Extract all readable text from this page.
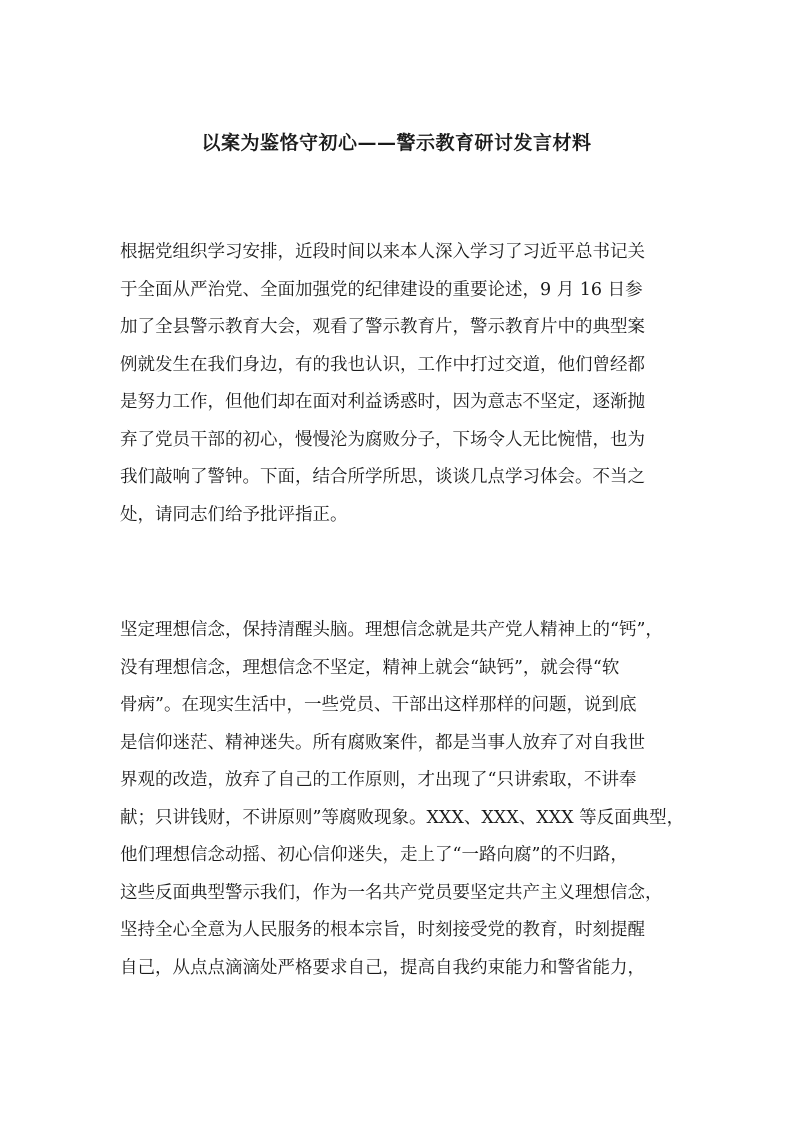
以案为鉴恪守初心——警示教育研讨发言材料
根据党组织学习安排，近段时间以来本人深入学习了习近平总书记关
于全面从严治党、全面加强党的纪律建设的重要论述，9 月 16 日参
加了全县警示教育大会，观看了警示教育片，警示教育片中的典型案
例就发生在我们身边，有的我也认识，工作中打过交道，他们曾经都
是努力工作，但他们却在面对利益诱惑时，因为意志不坚定，逐渐抛
弃了党员干部的初心，慢慢沦为腐败分子，下场令人无比惋惜，也为
我们敲响了警钟。下面，结合所学所思，谈谈几点学习体会。不当之
处，请同志们给予批评指正。
坚定理想信念，保持清醒头脑。理想信念就是共产党人精神上的“钙”，
没有理想信念，理想信念不坚定，精神上就会“缺钙”，就会得“软
骨病”。在现实生活中，一些党员、干部出这样那样的问题，说到底
是信仰迷茫、精神迷失。所有腐败案件，都是当事人放弃了对自我世
界观的改造，放弃了自己的工作原则，才出现了“只讲索取，不讲奉
献；只讲钱财，不讲原则”等腐败现象。XXX、XXX、XXX 等反面典型，
他们理想信念动摇、初心信仰迷失，走上了“一路向腐”的不归路，
这些反面典型警示我们，作为一名共产党员要坚定共产主义理想信念，
坚持全心全意为人民服务的根本宗旨，时刻接受党的教育，时刻提醒
自己，从点点滴滴处严格要求自己，提高自我约束能力和警省能力，
